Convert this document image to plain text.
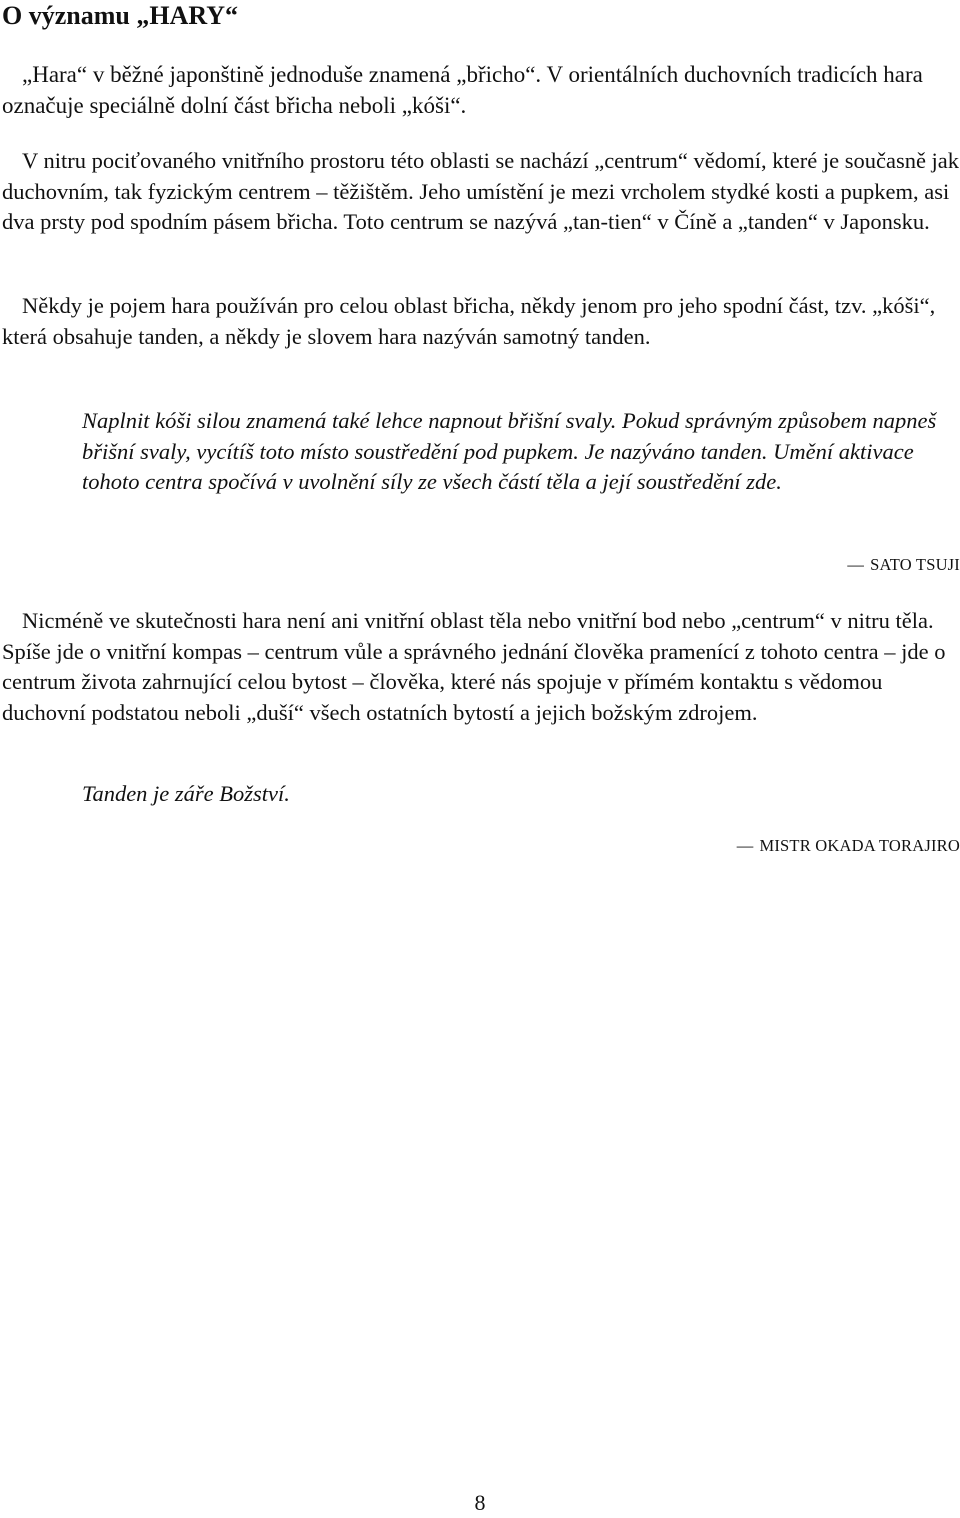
O významu „HARY“

„Hara“ v běžné japonštině jednoduše znamená „břicho“. V orientálních duchovních tradicích hara označuje speciálně dolní část břicha neboli „kóši“.

V nitru pociťovaného vnitřního prostoru této oblasti se nachází „centrum“ vědomí, které je současně jak duchovním, tak fyzickým centrem – těžištěm. Jeho umístění je mezi vrcholem stydké kosti a pupkem, asi dva prsty pod spodním pásem břicha. Toto centrum se nazývá „tan-tien“ v Číně a „tanden“ v Japonsku.

Někdy je pojem hara používán pro celou oblast břicha, někdy jenom pro jeho spodní část, tzv. „kóši“, která obsahuje tanden, a někdy je slovem hara nazýván samotný tanden.

Naplnit kóši silou znamená také lehce napnout břišní svaly. Pokud správným způsobem napneš břišní svaly, vycítíš toto místo soustředění pod pupkem. Je nazýváno tanden. Umění aktivace tohoto centra spočívá v uvolnění síly ze všech částí těla a její soustředění zde.

— SATO TSUJI

Nicméně ve skutečnosti hara není ani vnitřní oblast těla nebo vnitřní bod nebo „centrum“ v nitru těla. Spíše jde o vnitřní kompas – centrum vůle a správného jednání člověka pramenící z tohoto centra – jde o centrum života zahrnující celou bytost – člověka, které nás spojuje v přímém kontaktu s vědomou duchovní podstatou neboli „duší“ všech ostatních bytostí a jejich božským zdrojem.

Tanden je záře Božství.

— MISTR OKADA TORAJIRO

8
